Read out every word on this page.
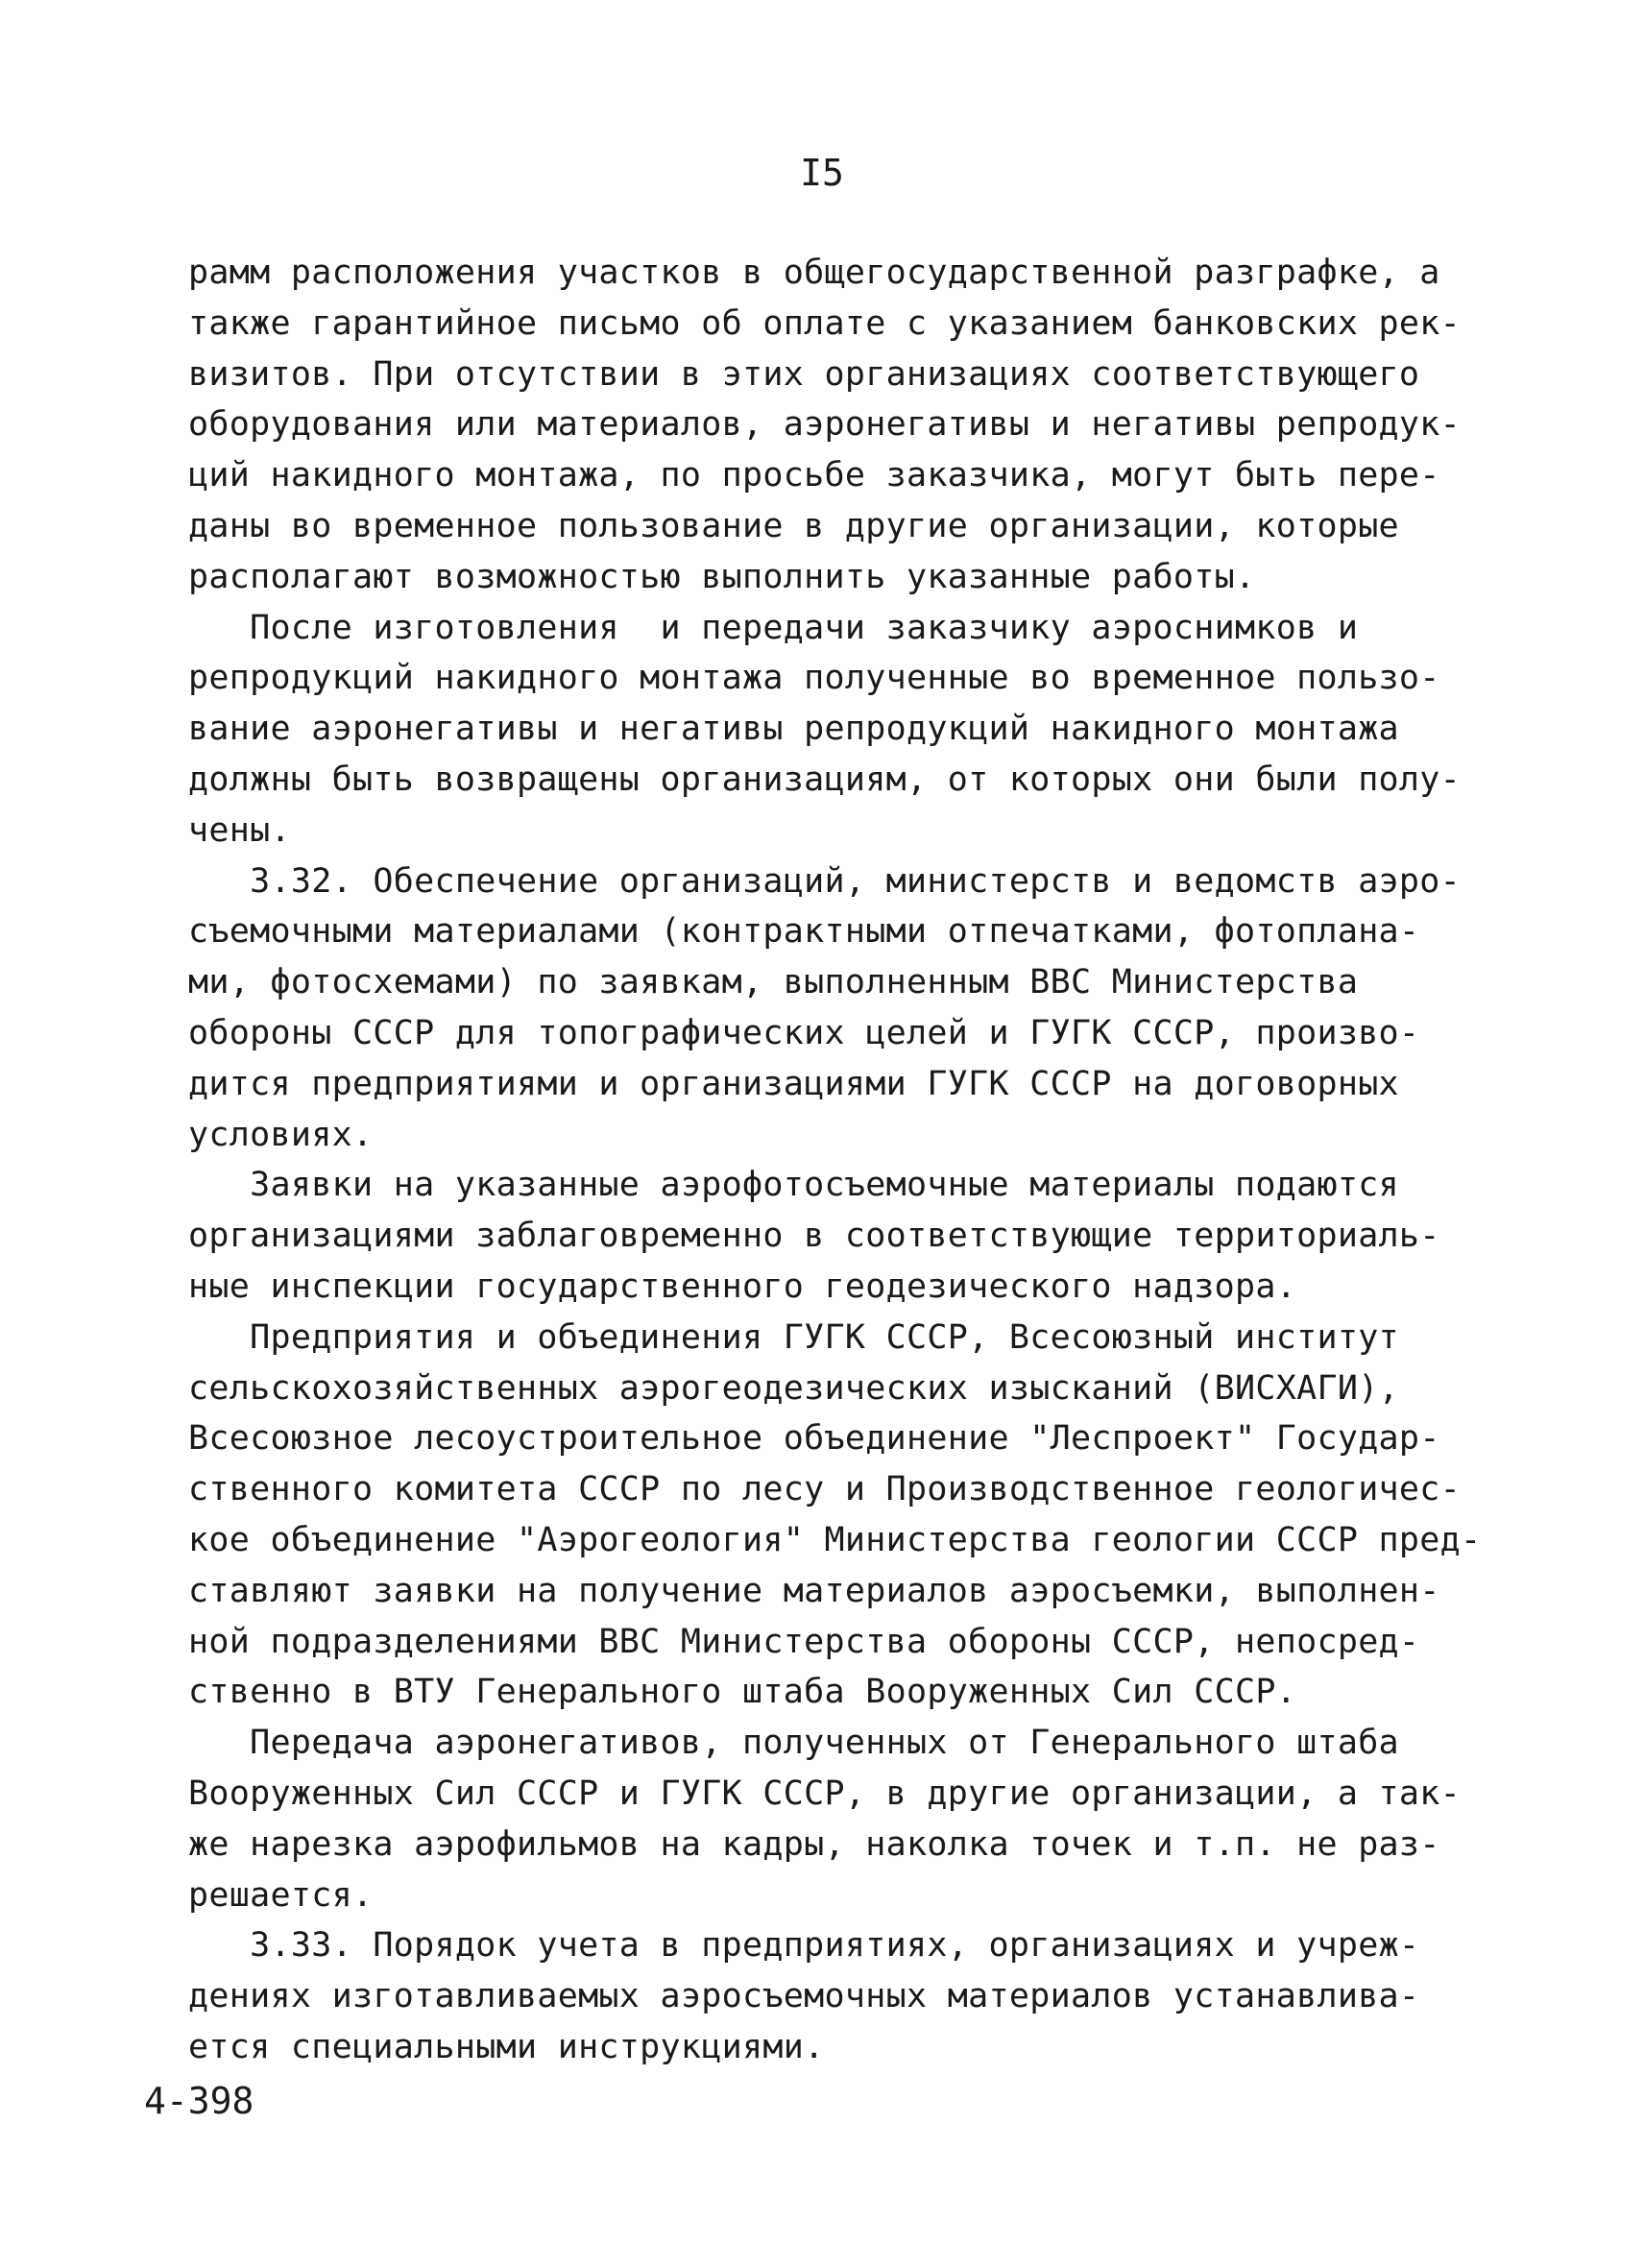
I5
рамм расположения участков в общегосударственной разграфке, а
также гарантийное письмо об оплате с указанием банковских рек-
визитов. При отсутствии в этих организациях соответствующего
оборудования или материалов, аэронегативы и негативы репродук-
ций накидного монтажа, по просьбе заказчика, могут быть пере-
даны во временное пользование в другие организации, которые
располагают возможностью выполнить указанные работы.
После изготовления  и передачи заказчику аэроснимков и
репродукций накидного монтажа полученные во временное пользо-
вание аэронегативы и негативы репродукций накидного монтажа
должны быть возвращены организациям, от которых они были полу-
чены.
3.32. Обеспечение организаций, министерств и ведомств аэро-
съемочными материалами (контрактными отпечатками, фотоплана-
ми, фотосхемами) по заявкам, выполненным ВВС Министерства
обороны СССР для топографических целей и ГУГК СССР, произво-
дится предприятиями и организациями ГУГК СССР на договорных
условиях.
Заявки на указанные аэрофотосъемочные материалы подаются
организациями заблаговременно в соответствующие территориаль-
ные инспекции государственного геодезического надзора.
Предприятия и объединения ГУГК СССР, Всесоюзный институт
сельскохозяйственных аэрогеодезических изысканий (ВИСХАГИ),
Всесоюзное лесоустроительное объединение "Леспроект" Государ-
ственного комитета СССР по лесу и Производственное геологичес-
кое объединение "Аэрогеология" Министерства геологии СССР пред-
ставляют заявки на получение материалов аэросъемки, выполнен-
ной подразделениями ВВС Министерства обороны СССР, непосред-
ственно в ВТУ Генерального штаба Вооруженных Сил СССР.
Передача аэронегативов, полученных от Генерального штаба
Вооруженных Сил СССР и ГУГК СССР, в другие организации, а так-
же нарезка аэрофильмов на кадры, наколка точек и т.п. не раз-
решается.
3.33. Порядок учета в предприятиях, организациях и учреж-
дениях изготавливаемых аэросъемочных материалов устанавлива-
ется специальными инструкциями.
4-398
